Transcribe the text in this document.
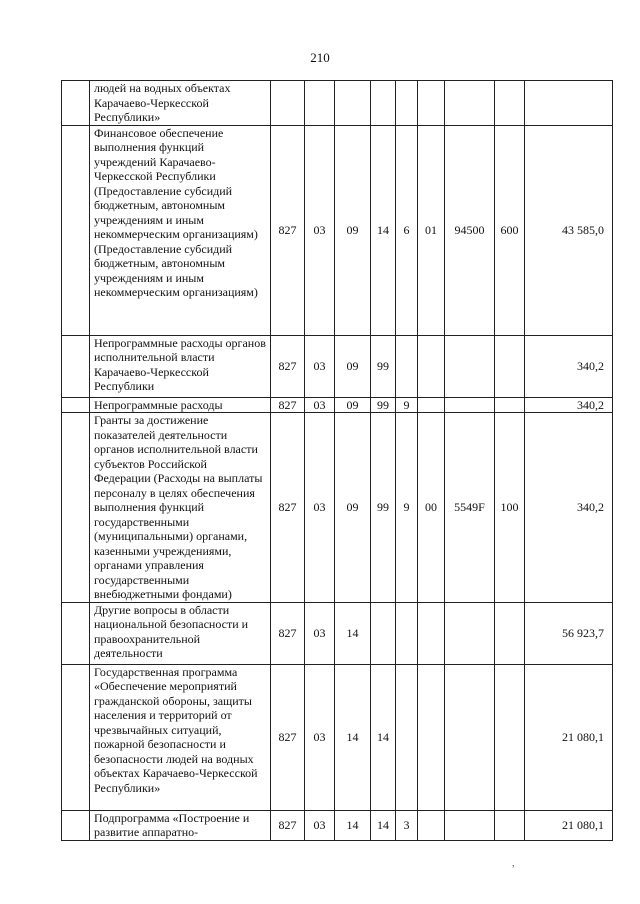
210
	людей на водных объектах Карачаево-Черкесской Республики»									
	Финансовое обеспечение выполнения функций учреждений Карачаево-Черкесской Республики (Предоставление субсидий бюджетным, автономным учреждениям и иным некоммерческим организациям) (Предоставление субсидий бюджетным, автономным учреждениям и иным некоммерческим организациям)	827	03	09	14	6	01	94500	600	43 585,0
	Непрограммные расходы органов исполнительной власти Карачаево-Черкесской Республики	827	03	09	99					340,2
	Непрограммные расходы	827	03	09	99	9				340,2
	Гранты за достижение показателей деятельности органов исполнительной власти субъектов Российской Федерации (Расходы на выплаты персоналу в целях обеспечения выполнения функций государственными (муниципальными) органами, казенными учреждениями, органами управления государственными внебюджетными фондами)	827	03	09	99	9	00	5549F	100	340,2
	Другие вопросы в области национальной безопасности и правоохранительной деятельности	827	03	14						56 923,7
	Государственная программа «Обеспечение мероприятий гражданской обороны, защиты населения и территорий от чрезвычайных ситуаций, пожарной безопасности и безопасности людей на водных объектах Карачаево-Черкесской Республики»	827	03	14	14					21 080,1
	Подпрограмма «Построение и развитие аппаратно-	827	03	14	14	3				21 080,1
,
